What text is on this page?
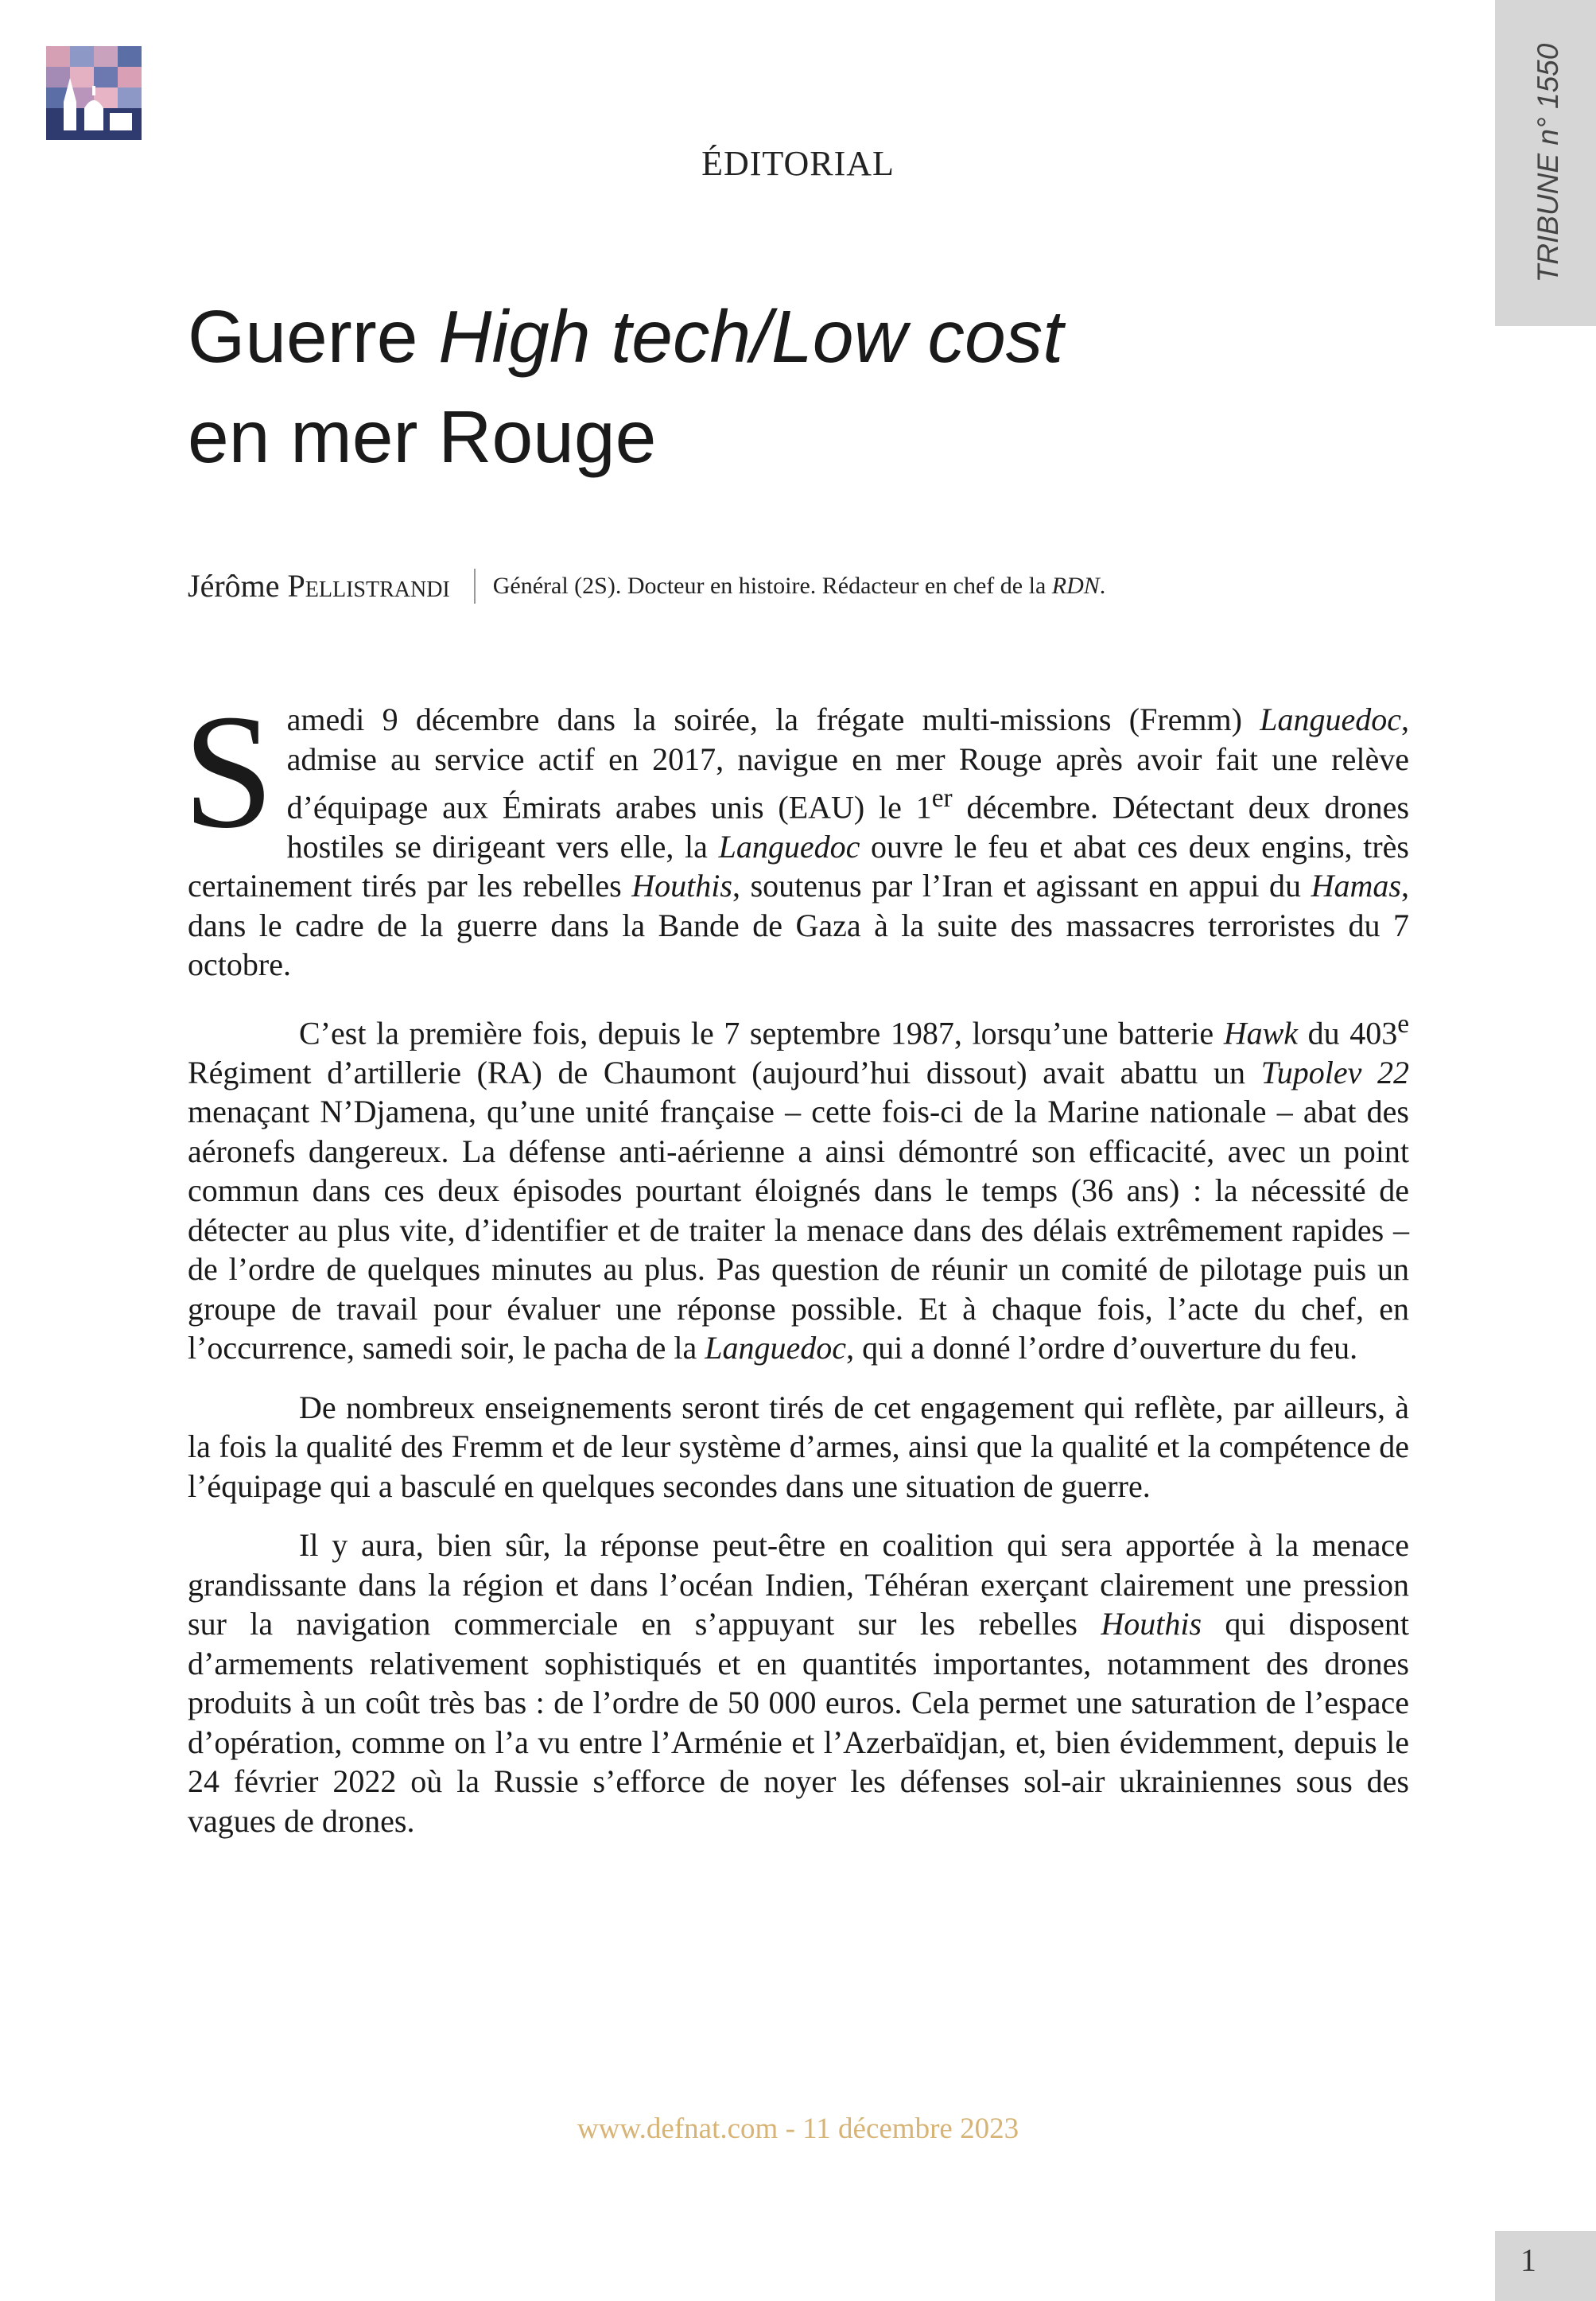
TRIBUNE n° 1550
ÉDITORIAL
Guerre High tech/Low cost
en mer Rouge
Jérôme Pellistrandi Général (2S). Docteur en histoire. Rédacteur en chef de la RDN.

Samedi 9 décembre dans la soirée, la frégate multi-missions (Fremm) Languedoc, admise au service actif en 2017, navigue en mer Rouge après avoir fait une relève d’équipage aux Émirats arabes unis (EAU) le 1er décembre. Détectant deux drones hostiles se dirigeant vers elle, la Languedoc ouvre le feu et abat ces deux engins, très certainement tirés par les rebelles Houthis, soutenus par l’Iran et agissant en appui du Hamas, dans le cadre de la guerre dans la Bande de Gaza à la suite des massacres terroristes du 7 octobre.

C’est la première fois, depuis le 7 septembre 1987, lorsqu’une batterie Hawk du 403e Régiment d’artillerie (RA) de Chaumont (aujourd’hui dissout) avait abattu un Tupolev 22 menaçant N’Djamena, qu’une unité française – cette fois-ci de la Marine nationale – abat des aéronefs dangereux. La défense anti-aérienne a ainsi démontré son efficacité, avec un point commun dans ces deux épisodes pourtant éloignés dans le temps (36 ans) : la nécessité de détecter au plus vite, d’identifier et de traiter la menace dans des délais extrêmement rapides – de l’ordre de quelques minutes au plus. Pas question de réunir un comité de pilotage puis un groupe de travail pour évaluer une réponse possible. Et à chaque fois, l’acte du chef, en l’occurrence, samedi soir, le pacha de la Languedoc, qui a donné l’ordre d’ouverture du feu.

De nombreux enseignements seront tirés de cet engagement qui reflète, par ailleurs, à la fois la qualité des Fremm et de leur système d’armes, ainsi que la qualité et la compétence de l’équipage qui a basculé en quelques secondes dans une situation de guerre.

Il y aura, bien sûr, la réponse peut-être en coalition qui sera apportée à la menace grandissante dans la région et dans l’océan Indien, Téhéran exerçant clairement une pression sur la navigation commerciale en s’appuyant sur les rebelles Houthis qui disposent d’armements relativement sophistiqués et en quantités importantes, notamment des drones produits à un coût très bas : de l’ordre de 50 000 euros. Cela permet une saturation de l’espace d’opération, comme on l’a vu entre l’Arménie et l’Azerbaïdjan, et, bien évidemment, depuis le 24 février 2022 où la Russie s’efforce de noyer les défenses sol-air ukrainiennes sous des vagues de drones.

www.defnat.com - 11 décembre 2023
1
